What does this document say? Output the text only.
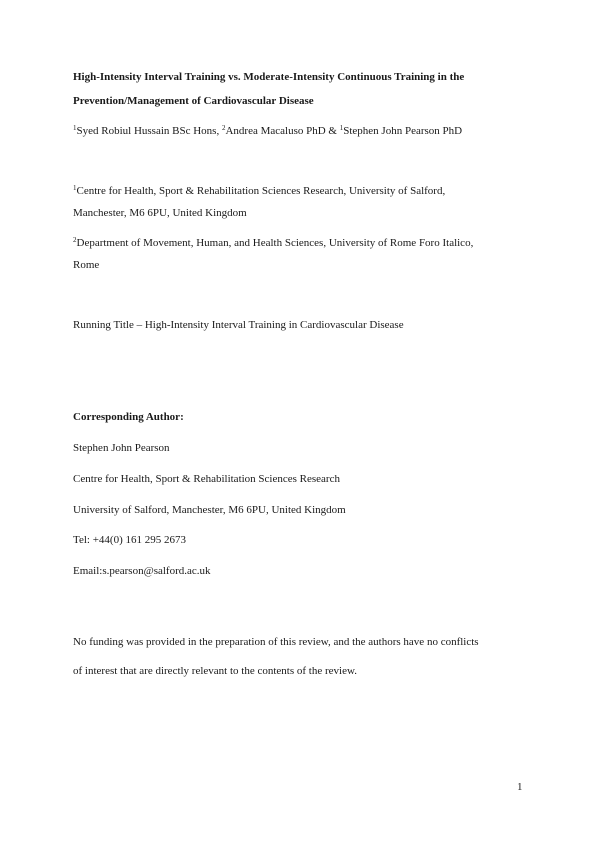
High-Intensity Interval Training vs. Moderate-Intensity Continuous Training in the
Prevention/Management of Cardiovascular Disease
$^1$Syed Robiul Hussain BSc Hons, $^2$Andrea Macaluso PhD & $^1$Stephen John Pearson PhD
$^1$Centre for Health, Sport & Rehabilitation Sciences Research, University of Salford,
Manchester, M6 6PU, United Kingdom
$^2$Department of Movement, Human, and Health Sciences, University of Rome Foro Italico,
Rome
Running Title – High-Intensity Interval Training in Cardiovascular Disease
Corresponding Author:
Stephen John Pearson
Centre for Health, Sport & Rehabilitation Sciences Research
University of Salford, Manchester, M6 6PU, United Kingdom
Tel: +44(0) 161 295 2673
Email:s.pearson@salford.ac.uk
No funding was provided in the preparation of this review, and the authors have no conflicts
of interest that are directly relevant to the contents of the review.
1
